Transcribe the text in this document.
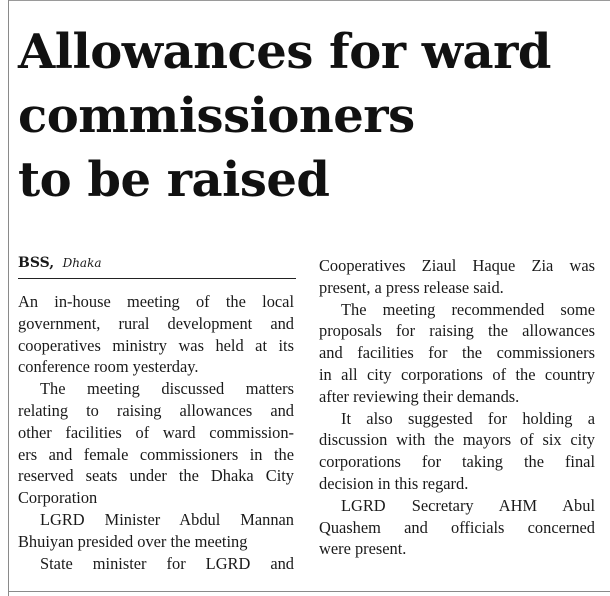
Allowances for ward
commissioners
to be raised
BSS, Dhaka
An in-house meeting of the local
government, rural development and
cooperatives ministry was held at its
conference room yesterday.
The meeting discussed matters
relating to raising allowances and
other facilities of ward commission-
ers and female commissioners in the
reserved seats under the Dhaka City
Corporation
LGRD Minister Abdul Mannan
Bhuiyan presided over the meeting
State minister for LGRD and
Cooperatives Ziaul Haque Zia was
present, a press release said.
The meeting recommended some
proposals for raising the allowances
and facilities for the commissioners
in all city corporations of the country
after reviewing their demands.
It also suggested for holding a
discussion with the mayors of six city
corporations for taking the final
decision in this regard.
LGRD Secretary AHM Abul
Quashem and officials concerned
were present.
